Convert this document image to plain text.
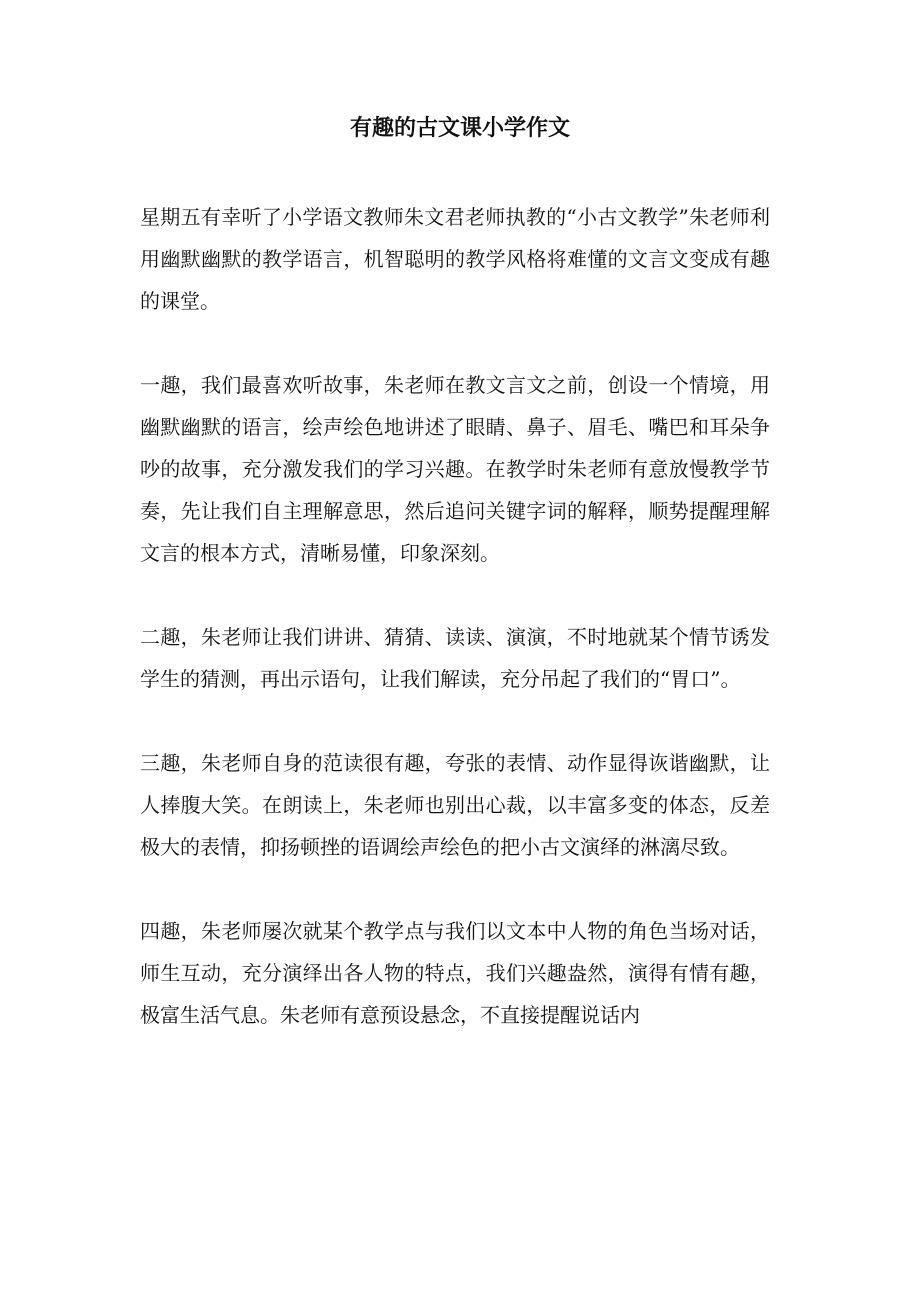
有趣的古文课小学作文

星期五有幸听了小学语文教师朱文君老师执教的“小古文教学”朱老师利用幽默幽默的教学语言，机智聪明的教学风格将难懂的文言文变成有趣的课堂。

一趣，我们最喜欢听故事，朱老师在教文言文之前，创设一个情境，用幽默幽默的语言，绘声绘色地讲述了眼睛、鼻子、眉毛、嘴巴和耳朵争吵的故事，充分激发我们的学习兴趣。在教学时朱老师有意放慢教学节奏，先让我们自主理解意思，然后追问关键字词的解释，顺势提醒理解文言的根本方式，清晰易懂，印象深刻。

二趣，朱老师让我们讲讲、猜猜、读读、演演，不时地就某个情节诱发学生的猜测，再出示语句，让我们解读，充分吊起了我们的“胃口”。

三趣，朱老师自身的范读很有趣，夸张的表情、动作显得诙谐幽默，让人捧腹大笑。在朗读上，朱老师也别出心裁，以丰富多变的体态，反差极大的表情，抑扬顿挫的语调绘声绘色的把小古文演绎的淋漓尽致。

四趣，朱老师屡次就某个教学点与我们以文本中人物的角色当场对话，师生互动，充分演绎出各人物的特点，我们兴趣盎然，演得有情有趣，极富生活气息。朱老师有意预设悬念，不直接提醒说话内
